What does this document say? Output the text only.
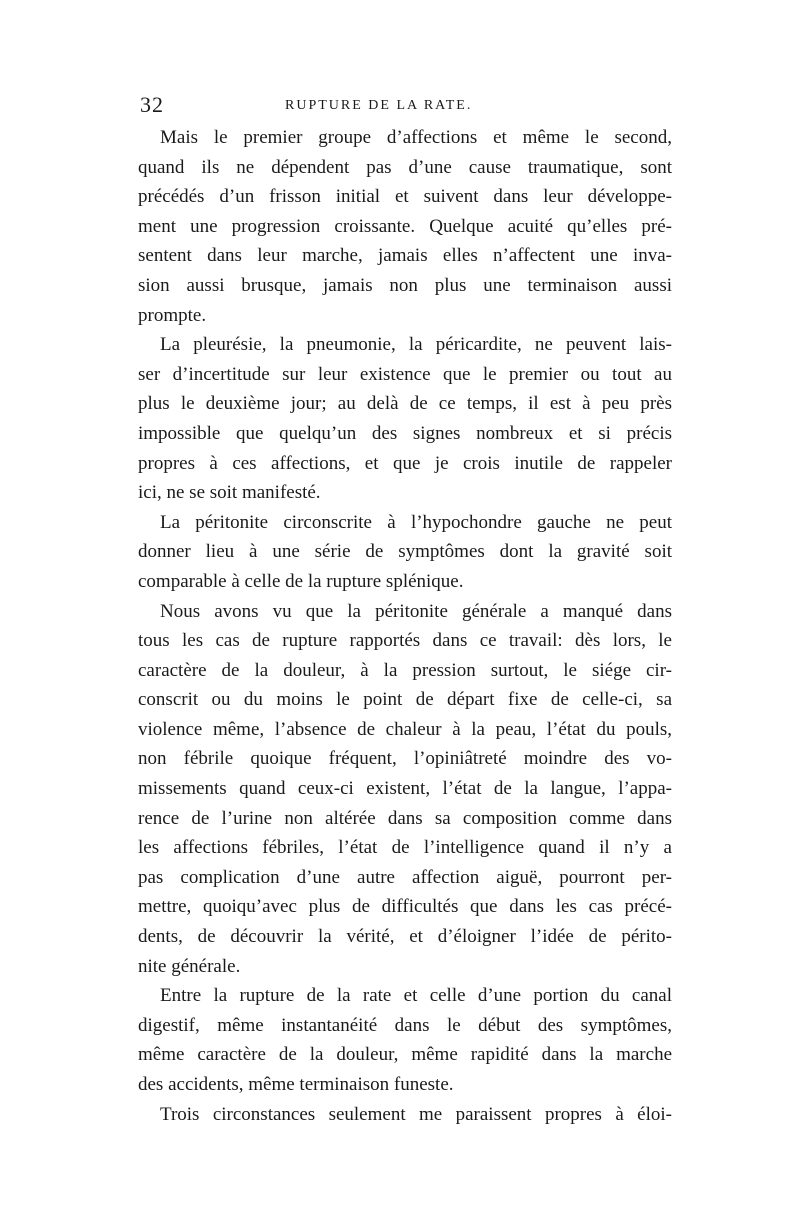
32	RUPTURE DE LA RATE.
Mais le premier groupe d’affections et même le second,
quand ils ne dépendent pas d’une cause traumatique, sont
précédés d’un frisson initial et suivent dans leur développe-
ment une progression croissante. Quelque acuité qu’elles pré-
sentent dans leur marche, jamais elles n’affectent une inva-
sion aussi brusque, jamais non plus une terminaison aussi
prompte.
La pleurésie, la pneumonie, la péricardite, ne peuvent lais-
ser d’incertitude sur leur existence que le premier ou tout au
plus le deuxième jour; au delà de ce temps, il est à peu près
impossible que quelqu’un des signes nombreux et si précis
propres à ces affections, et que je crois inutile de rappeler
ici, ne se soit manifesté.
La péritonite circonscrite à l’hypochondre gauche ne peut
donner lieu à une série de symptômes dont la gravité soit
comparable à celle de la rupture splénique.
Nous avons vu que la péritonite générale a manqué dans
tous les cas de rupture rapportés dans ce travail: dès lors, le
caractère de la douleur, à la pression surtout, le siége cir-
conscrit ou du moins le point de départ fixe de celle-ci, sa
violence même, l’absence de chaleur à la peau, l’état du pouls,
non fébrile quoique fréquent, l’opiniâtreté moindre des vo-
missements quand ceux-ci existent, l’état de la langue, l’appa-
rence de l’urine non altérée dans sa composition comme dans
les affections fébriles, l’état de l’intelligence quand il n’y a
pas complication d’une autre affection aiguë, pourront per-
mettre, quoiqu’avec plus de difficultés que dans les cas précé-
dents, de découvrir la vérité, et d’éloigner l’idée de périto-
nite générale.
Entre la rupture de la rate et celle d’une portion du canal
digestif, même instantanéité dans le début des symptômes,
même caractère de la douleur, même rapidité dans la marche
des accidents, même terminaison funeste.
Trois circonstances seulement me paraissent propres à éloi-
